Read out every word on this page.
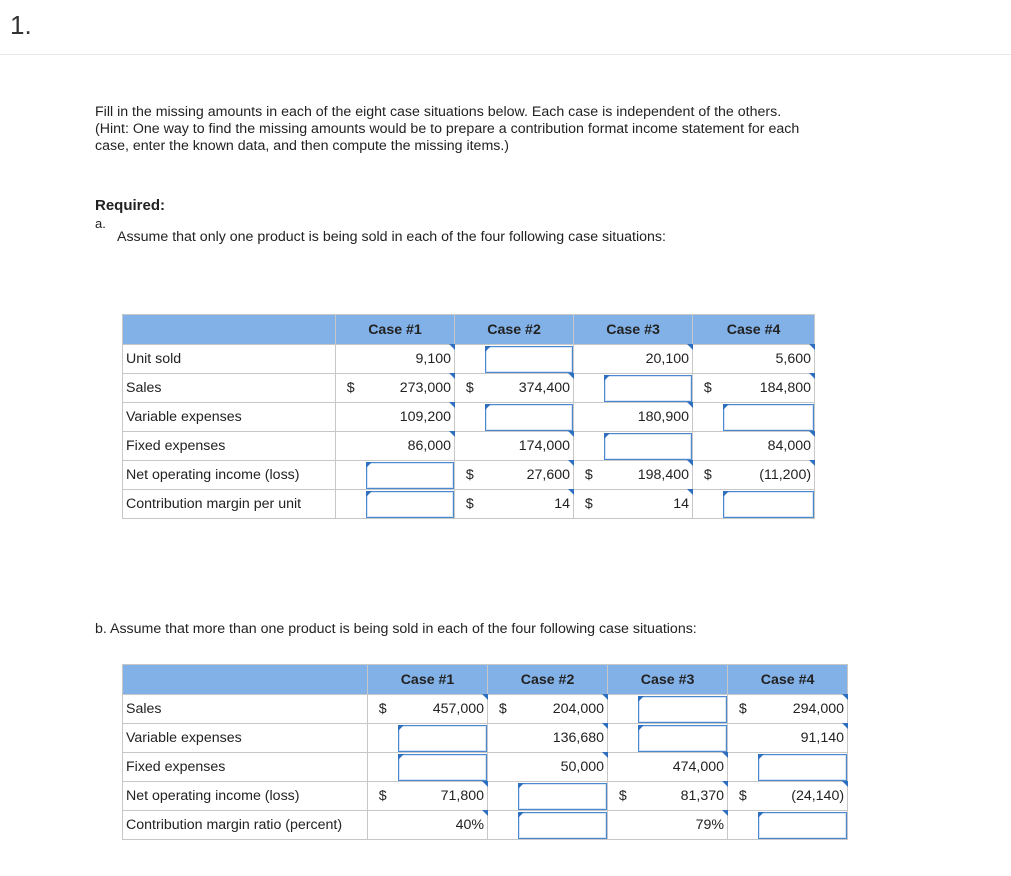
1.
Fill in the missing amounts in each of the eight case situations below. Each case is independent of the others. (Hint: One way to find the missing amounts would be to prepare a contribution format income statement for each case, enter the known data, and then compute the missing items.)
Required:
a.
Assume that only one product is being sold in each of the four following case situations:
	Case #1		Case #2		Case #3		Case #4	
Unit sold		9,100				20,100		5,600
Sales	$	273,000	$	374,400			$	184,800
Variable expenses		109,200				180,900		

Fixed expenses		86,000		174,000				84,000
Net operating income (loss)			$	27,600	$	198,400	$	(11,200)
Contribution margin per unit			$	14	$	14		
b. Assume that more than one product is being sold in each of the four following case situations:
	Case #1		Case #2		Case #3		Case #4	
Sales	$	457,000	$	204,000			$	294,000
Variable expenses				136,680				91,140
Fixed expenses				50,000		474,000		

Net operating income (loss)	$	71,800			$	81,370	$	(24,140)
Contribution margin ratio (percent)		40%				79%		
